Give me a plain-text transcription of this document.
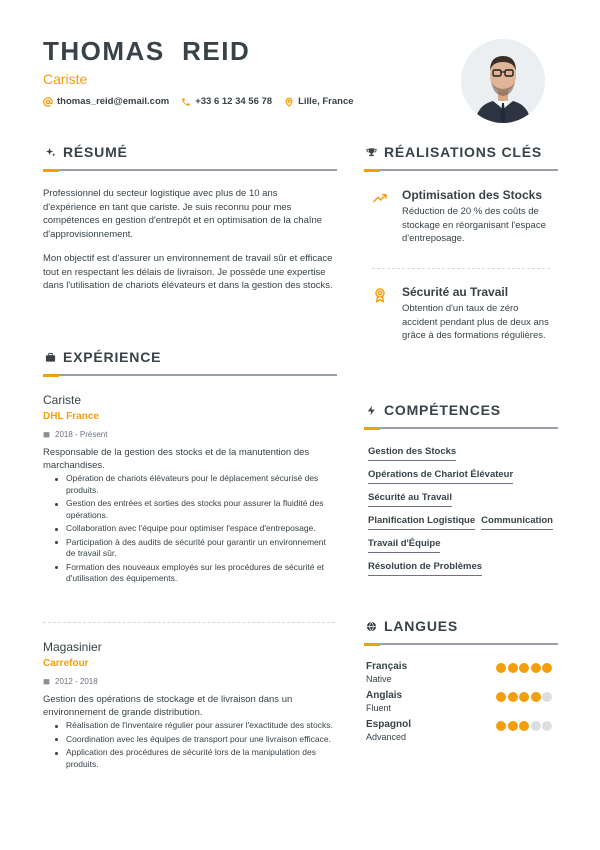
THOMAS  REID
Cariste
thomas_reid@email.com	+33 6 12 34 56 78	Lille, France
RÉSUMÉ
Professionnel du secteur logistique avec plus de 10 ans d'expérience en tant que cariste. Je suis reconnu pour mes compétences en gestion d'entrepôt et en optimisation de la chaîne d'approvisionnement.
Mon objectif est d'assurer un environnement de travail sûr et efficace tout en respectant les délais de livraison. Je possède une expertise dans l'utilisation de chariots élévateurs et dans la gestion des stocks.
EXPÉRIENCE
Cariste
DHL France
2018 - Présent
Responsable de la gestion des stocks et de la manutention des marchandises.
Opération de chariots élévateurs pour le déplacement sécurisé des produits.
Gestion des entrées et sorties des stocks pour assurer la fluidité des opérations.
Collaboration avec l'équipe pour optimiser l'espace d'entreposage.
Participation à des audits de sécurité pour garantir un environnement de travail sûr.
Formation des nouveaux employés sur les procédures de sécurité et d'utilisation des équipements.
Magasinier
Carrefour
2012 - 2018
Gestion des opérations de stockage et de livraison dans un environnement de grande distribution.
Réalisation de l'inventaire régulier pour assurer l'exactitude des stocks.
Coordination avec les équipes de transport pour une livraison efficace.
Application des procédures de sécurité lors de la manipulation des produits.
RÉALISATIONS CLÉS
Optimisation des Stocks
Réduction de 20 % des coûts de stockage en réorganisant l'espace d'entreposage.
Sécurité au Travail
Obtention d'un taux de zéro accident pendant plus de deux ans grâce à des formations régulières.
COMPÉTENCES
Gestion des Stocks
Opérations de Chariot Élévateur
Sécurité au Travail
Planification Logistique Communication
Travail d'Équipe
Résolution de Problèmes
LANGUES
Français
Native
Anglais
Fluent
Espagnol
Advanced
